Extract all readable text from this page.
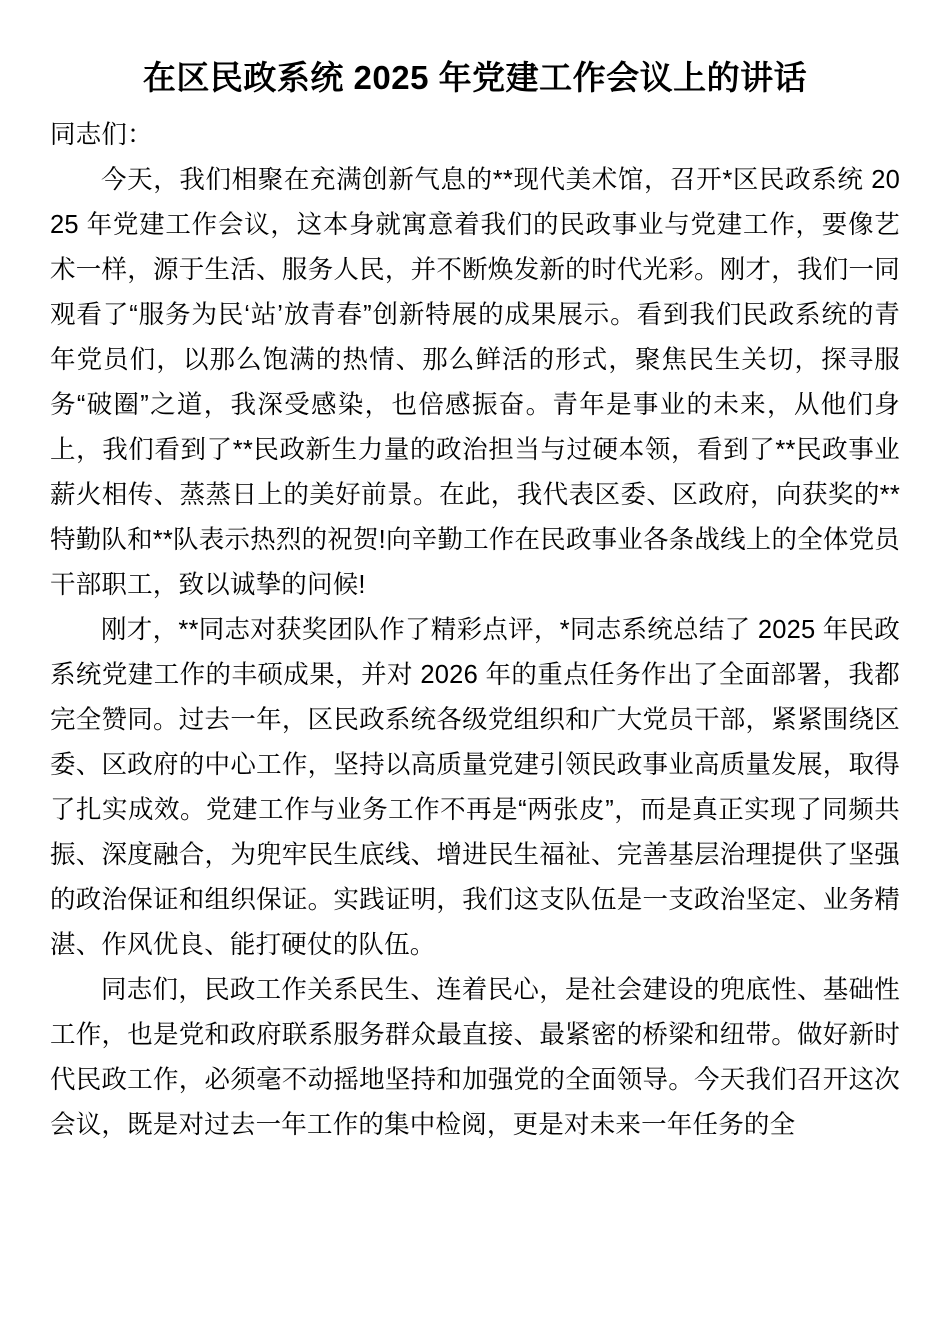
在区民政系统 2025 年党建工作会议上的讲话

同志们：

今天，我们相聚在充满创新气息的**现代美术馆，召开*区民政系统 2025 年党建工作会议，这本身就寓意着我们的民政事业与党建工作，要像艺术一样，源于生活、服务人民，并不断焕发新的时代光彩。刚才，我们一同观看了“服务为民‘站’放青春”创新特展的成果展示。看到我们民政系统的青年党员们，以那么饱满的热情、那么鲜活的形式，聚焦民生关切，探寻服务“破圈”之道，我深受感染，也倍感振奋。青年是事业的未来，从他们身上，我们看到了**民政新生力量的政治担当与过硬本领，看到了**民政事业薪火相传、蒸蒸日上的美好前景。在此，我代表区委、区政府，向获奖的**特勤队和**队表示热烈的祝贺!向辛勤工作在民政事业各条战线上的全体党员干部职工，致以诚挚的问候!

刚才，**同志对获奖团队作了精彩点评，*同志系统总结了 2025 年民政系统党建工作的丰硕成果，并对 2026 年的重点任务作出了全面部署，我都完全赞同。过去一年，区民政系统各级党组织和广大党员干部，紧紧围绕区委、区政府的中心工作，坚持以高质量党建引领民政事业高质量发展，取得了扎实成效。党建工作与业务工作不再是“两张皮”，而是真正实现了同频共振、深度融合，为兜牢民生底线、增进民生福祉、完善基层治理提供了坚强的政治保证和组织保证。实践证明，我们这支队伍是一支政治坚定、业务精湛、作风优良、能打硬仗的队伍。

同志们，民政工作关系民生、连着民心，是社会建设的兜底性、基础性工作，也是党和政府联系服务群众最直接、最紧密的桥梁和纽带。做好新时代民政工作，必须毫不动摇地坚持和加强党的全面领导。今天我们召开这次会议，既是对过去一年工作的集中检阅，更是对未来一年任务的全
